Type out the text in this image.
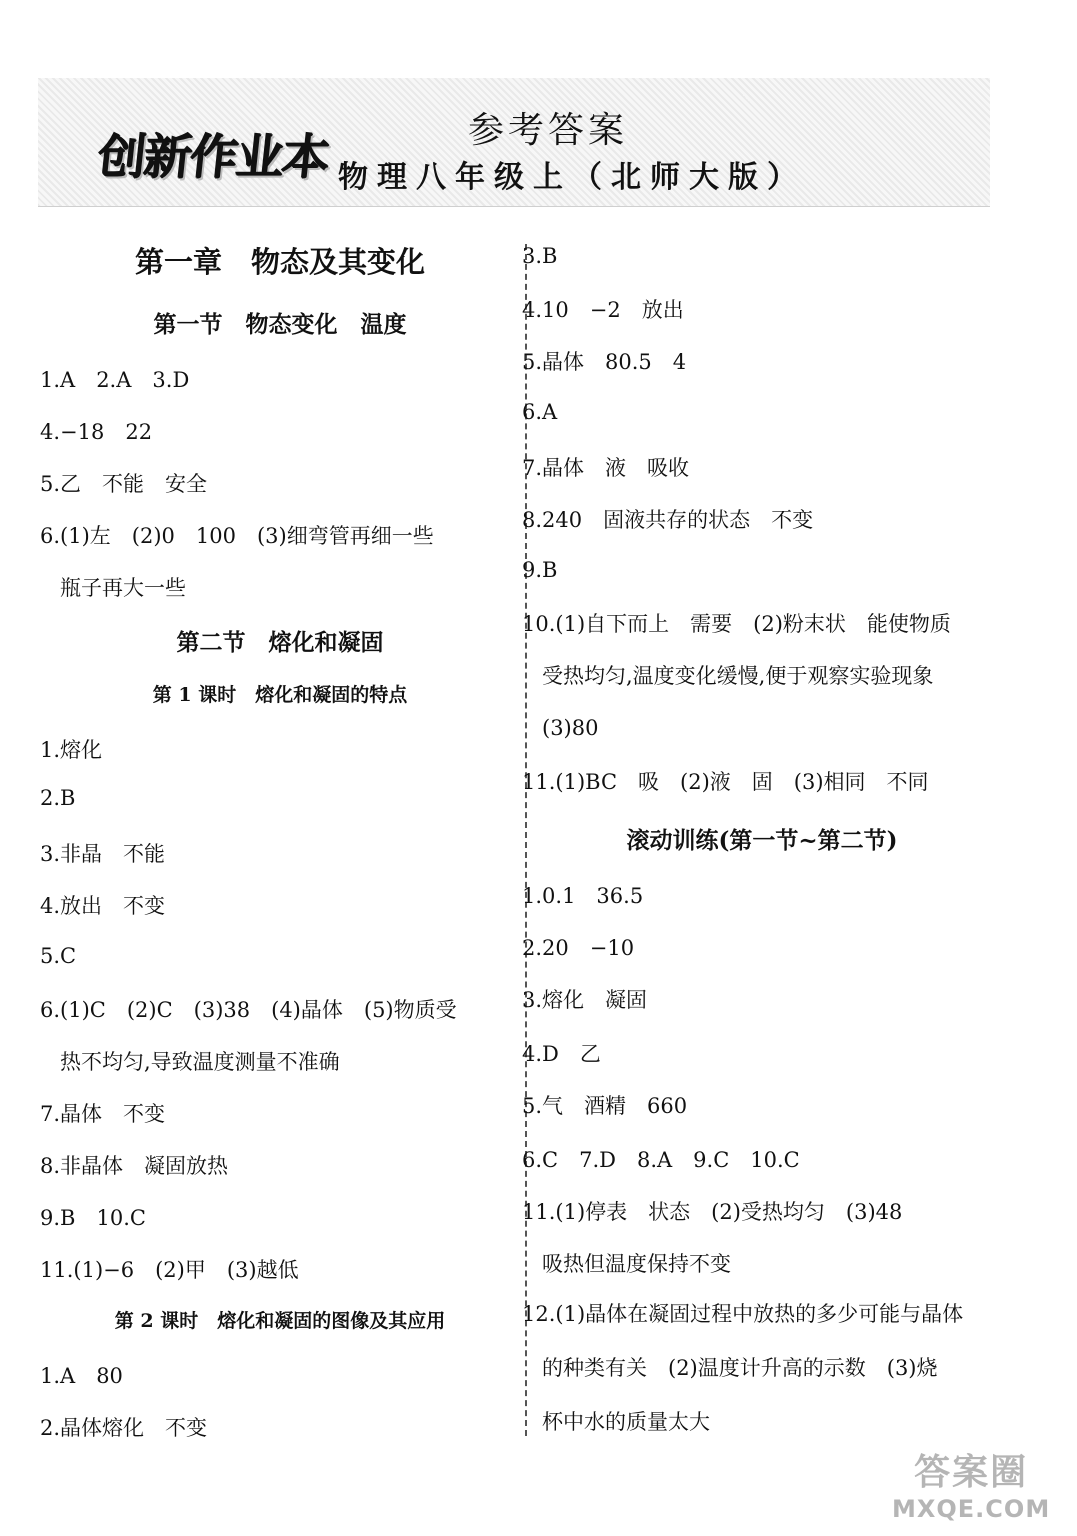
创新作业本	参考答案
物理八年级上（北师大版）
第一章　物态及其变化
第一节　物态变化　温度
1.A　2.A　3.D
4.−18　22
5.乙　不能　安全
6.(1)左　(2)0　100　(3)细弯管再细一些
瓶子再大一些
第二节　熔化和凝固
第 1 课时　熔化和凝固的特点
1.熔化
2.B
3.非晶　不能
4.放出　不变
5.C
6.(1)C　(2)C　(3)38　(4)晶体　(5)物质受
热不均匀,导致温度测量不准确
7.晶体　不变
8.非晶体　凝固放热
9.B　10.C
11.(1)−6　(2)甲　(3)越低
第 2 课时　熔化和凝固的图像及其应用
1.A　80
2.晶体熔化　不变
3.B
4.10　−2　放出
5.晶体　80.5　4
6.A
7.晶体　液　吸收
8.240　固液共存的状态　不变
9.B
10.(1)自下而上　需要　(2)粉末状　能使物质
受热均匀,温度变化缓慢,便于观察实验现象
(3)80
11.(1)BC　吸　(2)液　固　(3)相同　不同
滚动训练(第一节~第二节)
1.0.1　36.5
2.20　−10
3.熔化　凝固
4.D　乙
5.气　酒精　660
6.C　7.D　8.A　9.C　10.C
11.(1)停表　状态　(2)受热均匀　(3)48
吸热但温度保持不变
12.(1)晶体在凝固过程中放热的多少可能与晶体
的种类有关　(2)温度计升高的示数　(3)烧
杯中水的质量太大
答案圈
MXQE.COM
